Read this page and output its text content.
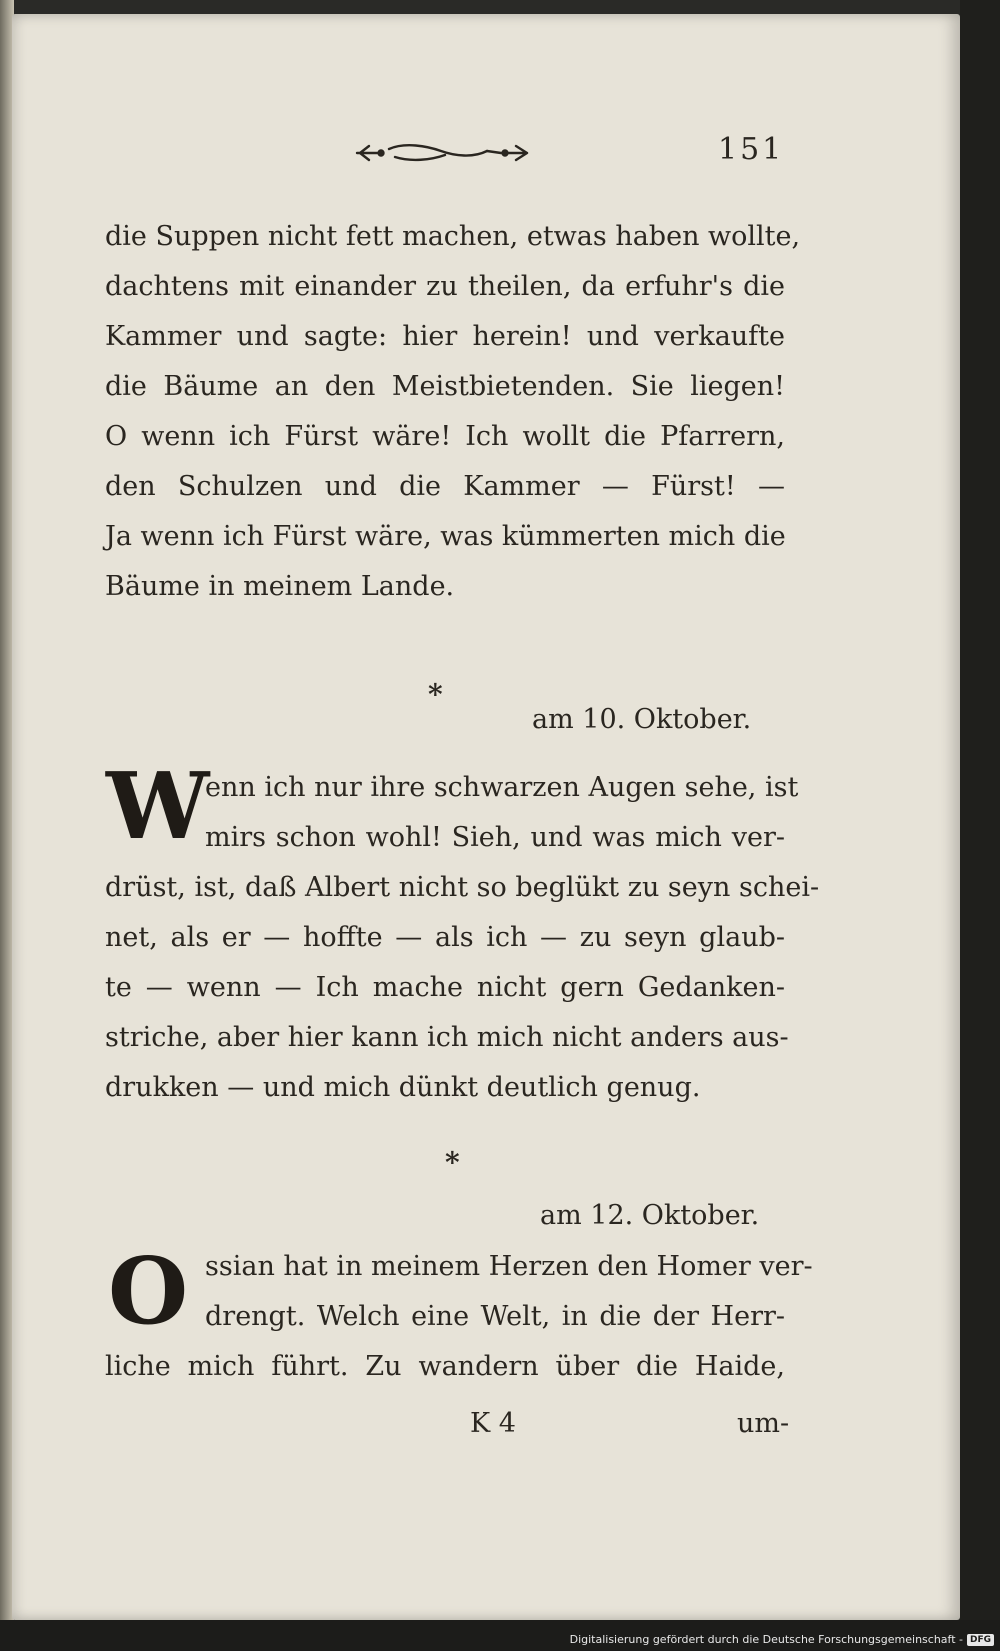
151
die Suppen nicht fett machen, etwas haben wollte,
dachtens mit einander zu theilen, da erfuhr's die
Kammer und sagte: hier herein! und verkaufte
die Bäume an den Meistbietenden. Sie liegen!
O wenn ich Fürst wäre! Ich wollt die Pfarrern,
den Schulzen und die Kammer — Fürst! —
Ja wenn ich Fürst wäre, was kümmerten mich die
Bäume in meinem Lande.
*
am 10. Oktober.
W
enn ich nur ihre schwarzen Augen sehe, ist
mirs schon wohl! Sieh, und was mich ver-
drüst, ist, daß Albert nicht so beglükt zu seyn schei-
net, als er — hoffte — als ich — zu seyn glaub-
te — wenn — Ich mache nicht gern Gedanken-
striche, aber hier kann ich mich nicht anders aus-
drukken — und mich dünkt deutlich genug.
*
am 12. Oktober.
O ssian hat in meinem Herzen den Homer ver-
drengt. Welch eine Welt, in die der Herr-
liche mich führt. Zu wandern über die Haide,
K 4	um-
Digitalisierung gefördert durch die Deutsche Forschungsgemeinschaft - DFG
